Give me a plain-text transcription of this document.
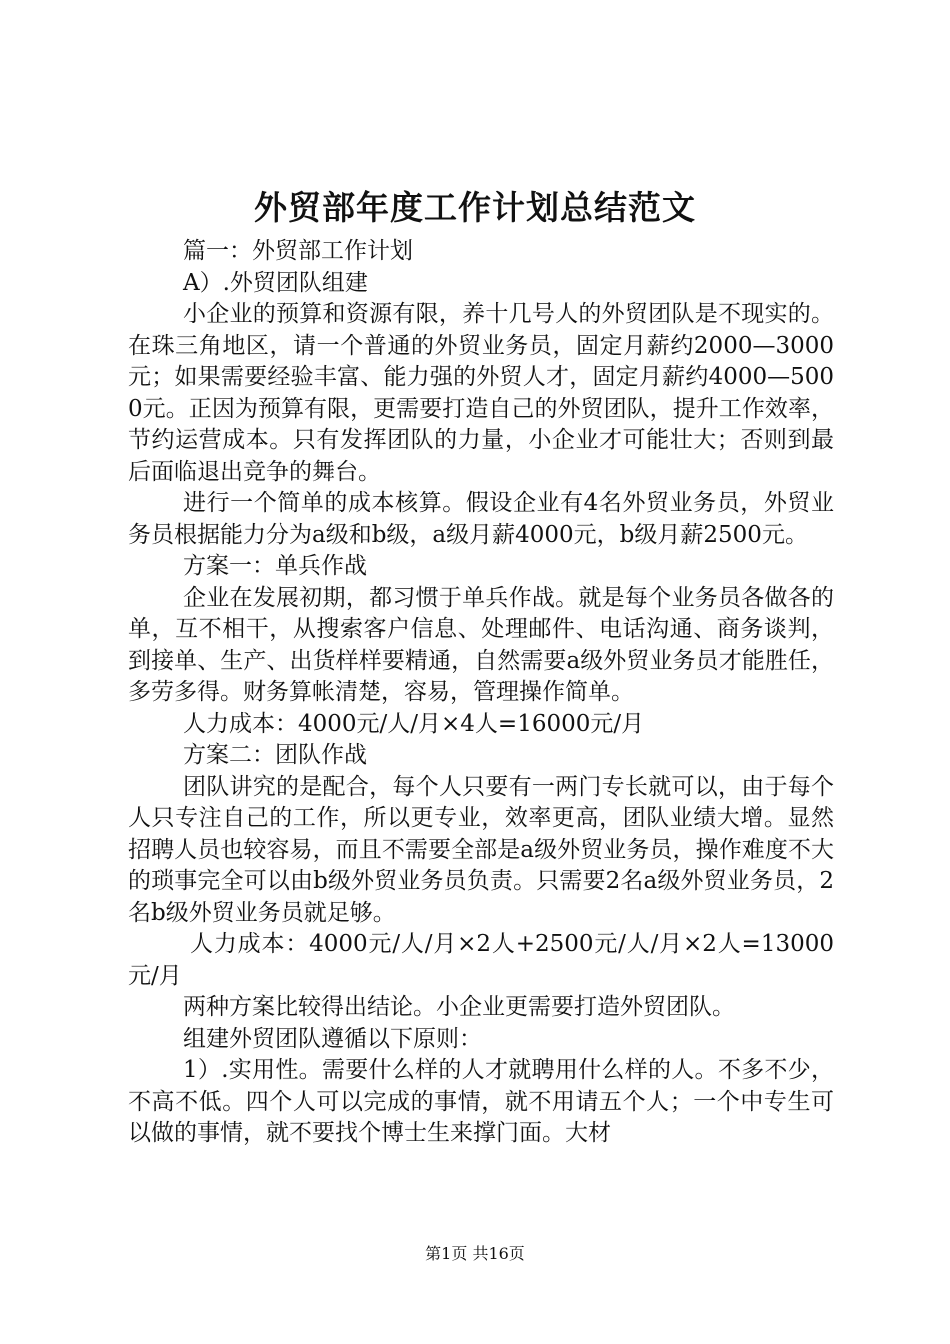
外贸部年度工作计划总结范文

篇一：外贸部工作计划

A）.外贸团队组建

小企业的预算和资源有限，养十几号人的外贸团队是不现实的。在珠三角地区，请一个普通的外贸业务员，固定月薪约2000—3000元；如果需要经验丰富、能力强的外贸人才，固定月薪约4000—5000元。正因为预算有限，更需要打造自己的外贸团队，提升工作效率，节约运营成本。只有发挥团队的力量，小企业才可能壮大；否则到最后面临退出竞争的舞台。

进行一个简单的成本核算。假设企业有4名外贸业务员，外贸业务员根据能力分为a级和b级，a级月薪4000元，b级月薪2500元。

方案一：单兵作战

企业在发展初期，都习惯于单兵作战。就是每个业务员各做各的单，互不相干，从搜索客户信息、处理邮件、电话沟通、商务谈判，到接单、生产、出货样样要精通，自然需要a级外贸业务员才能胜任，多劳多得。财务算帐清楚，容易，管理操作简单。

人力成本：4000元/人/月×4人=16000元/月

方案二：团队作战

团队讲究的是配合，每个人只要有一两门专长就可以，由于每个人只专注自己的工作，所以更专业，效率更高，团队业绩大增。显然招聘人员也较容易，而且不需要全部是a级外贸业务员，操作难度不大的琐事完全可以由b级外贸业务员负责。只需要2名a级外贸业务员，2名b级外贸业务员就足够。

人力成本：4000元/人/月×2人+2500元/人/月×2人=13000元/月

两种方案比较得出结论。小企业更需要打造外贸团队。

组建外贸团队遵循以下原则：

1）.实用性。需要什么样的人才就聘用什么样的人。不多不少，不高不低。四个人可以完成的事情，就不用请五个人；一个中专生可以做的事情，就不要找个博士生来撑门面。大材

第1页 共16页
